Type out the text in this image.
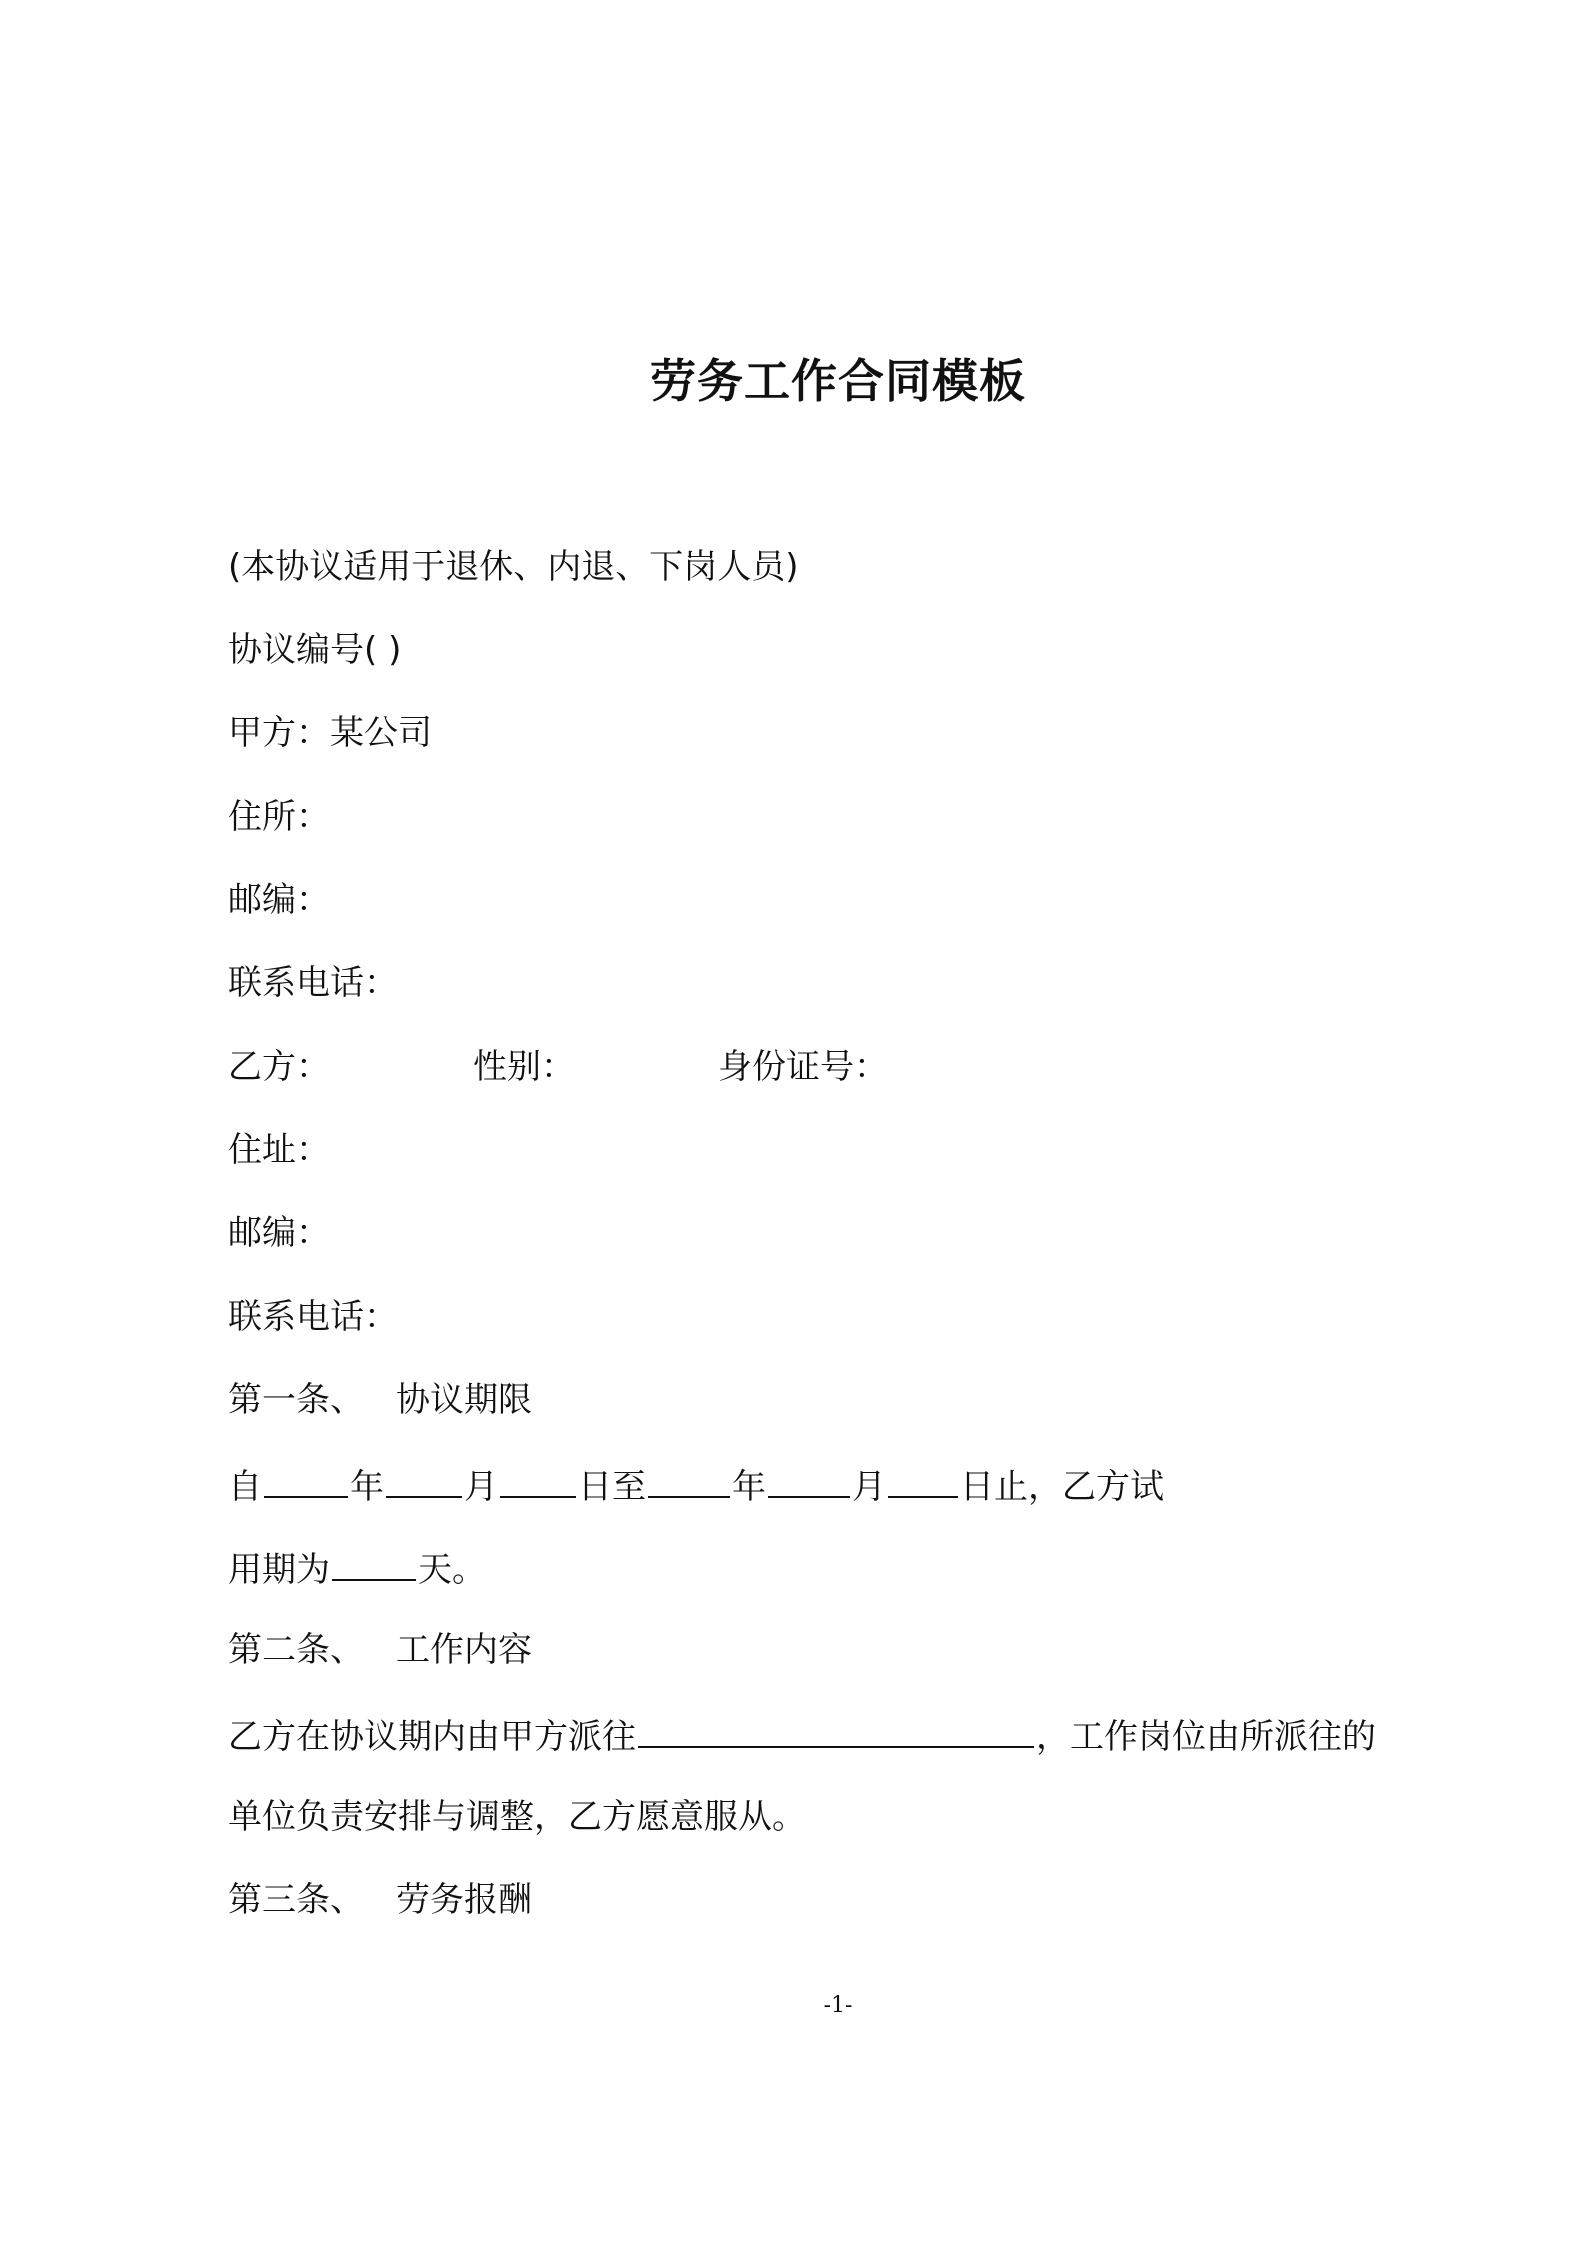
劳务工作合同模板
(本协议适用于退休、内退、下岗人员)
协议编号( )
甲方：某公司
住所：
邮编：
联系电话：
乙方：	性别：	身份证号：
住址：
邮编：
联系电话：
第一条、 协议期限
自	年 月 日至	年	月 日止，乙方试
用期为	天。
第二条、 工作内容
乙方在协议期内由甲方派往	，工作岗位由所派往的
单位负责安排与调整，乙方愿意服从。
第三条、 劳务报酬
-1-
